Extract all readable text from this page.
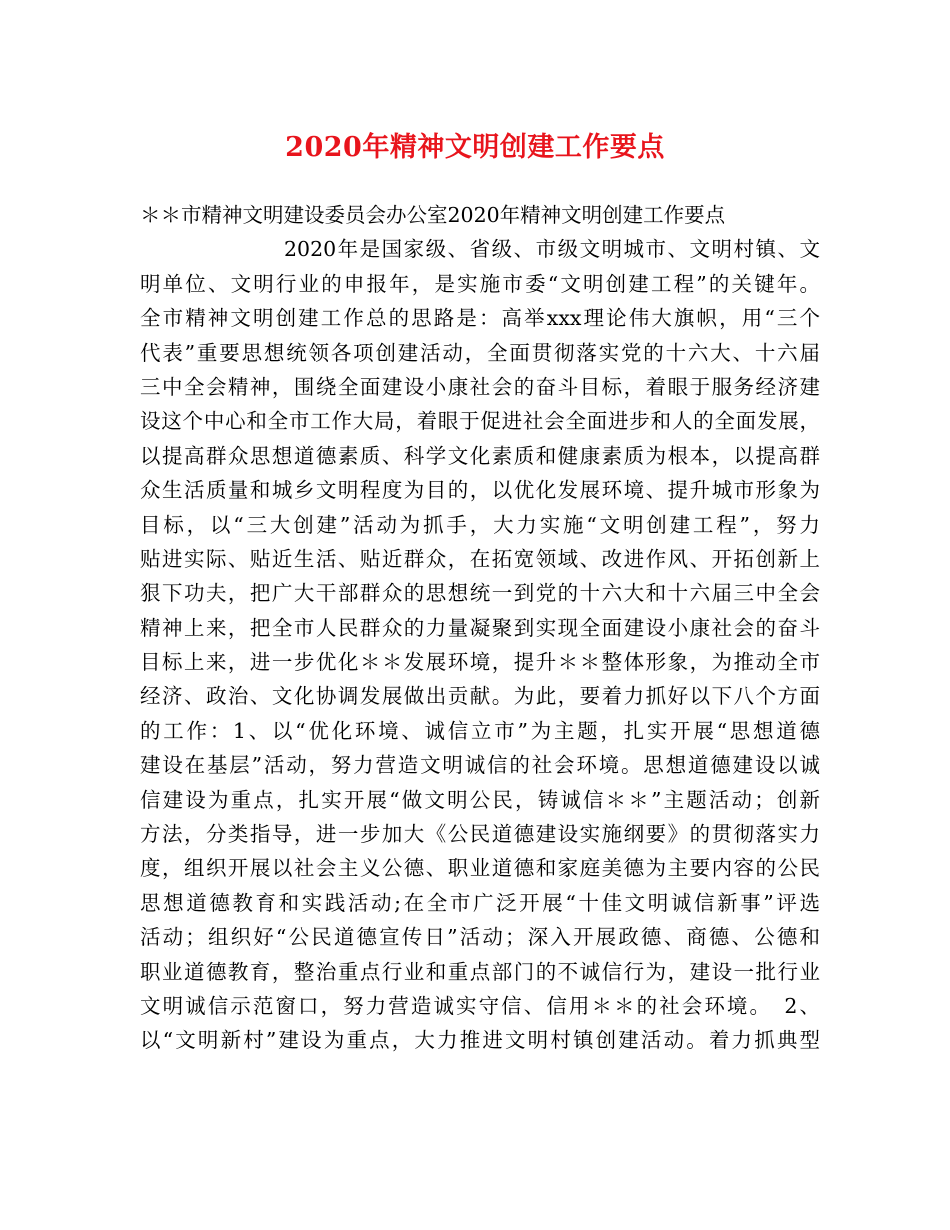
2020年精神文明创建工作要点
＊＊市精神文明建设委员会办公室2020年精神文明创建工作要点
2020年是国家级、省级、市级文明城市、文明村镇、文
明单位、文明行业的申报年，是实施市委“文明创建工程”的关键年。
全市精神文明创建工作总的思路是：高举xxx理论伟大旗帜，用“三个
代表”重要思想统领各项创建活动，全面贯彻落实党的十六大、十六届
三中全会精神，围绕全面建设小康社会的奋斗目标，着眼于服务经济建
设这个中心和全市工作大局，着眼于促进社会全面进步和人的全面发展，
以提高群众思想道德素质、科学文化素质和健康素质为根本，以提高群
众生活质量和城乡文明程度为目的，以优化发展环境、提升城市形象为
目标，以“三大创建”活动为抓手，大力实施“文明创建工程”，努力
贴进实际、贴近生活、贴近群众，在拓宽领域、改进作风、开拓创新上
狠下功夫，把广大干部群众的思想统一到党的十六大和十六届三中全会
精神上来，把全市人民群众的力量凝聚到实现全面建设小康社会的奋斗
目标上来，进一步优化＊＊发展环境，提升＊＊整体形象，为推动全市
经济、政治、文化协调发展做出贡献。为此，要着力抓好以下八个方面
的工作：1、以“优化环境、诚信立市”为主题，扎实开展“思想道德
建设在基层”活动，努力营造文明诚信的社会环境。思想道德建设以诚
信建设为重点，扎实开展“做文明公民，铸诚信＊＊”主题活动；创新
方法，分类指导，进一步加大《公民道德建设实施纲要》的贯彻落实力
度，组织开展以社会主义公德、职业道德和家庭美德为主要内容的公民
思想道德教育和实践活动;在全市广泛开展“十佳文明诚信新事”评选
活动；组织好“公民道德宣传日”活动；深入开展政德、商德、公德和
职业道德教育，整治重点行业和重点部门的不诚信行为，建设一批行业
文明诚信示范窗口，努力营造诚实守信、信用＊＊的社会环境。　2、
以“文明新村”建设为重点，大力推进文明村镇创建活动。着力抓典型
